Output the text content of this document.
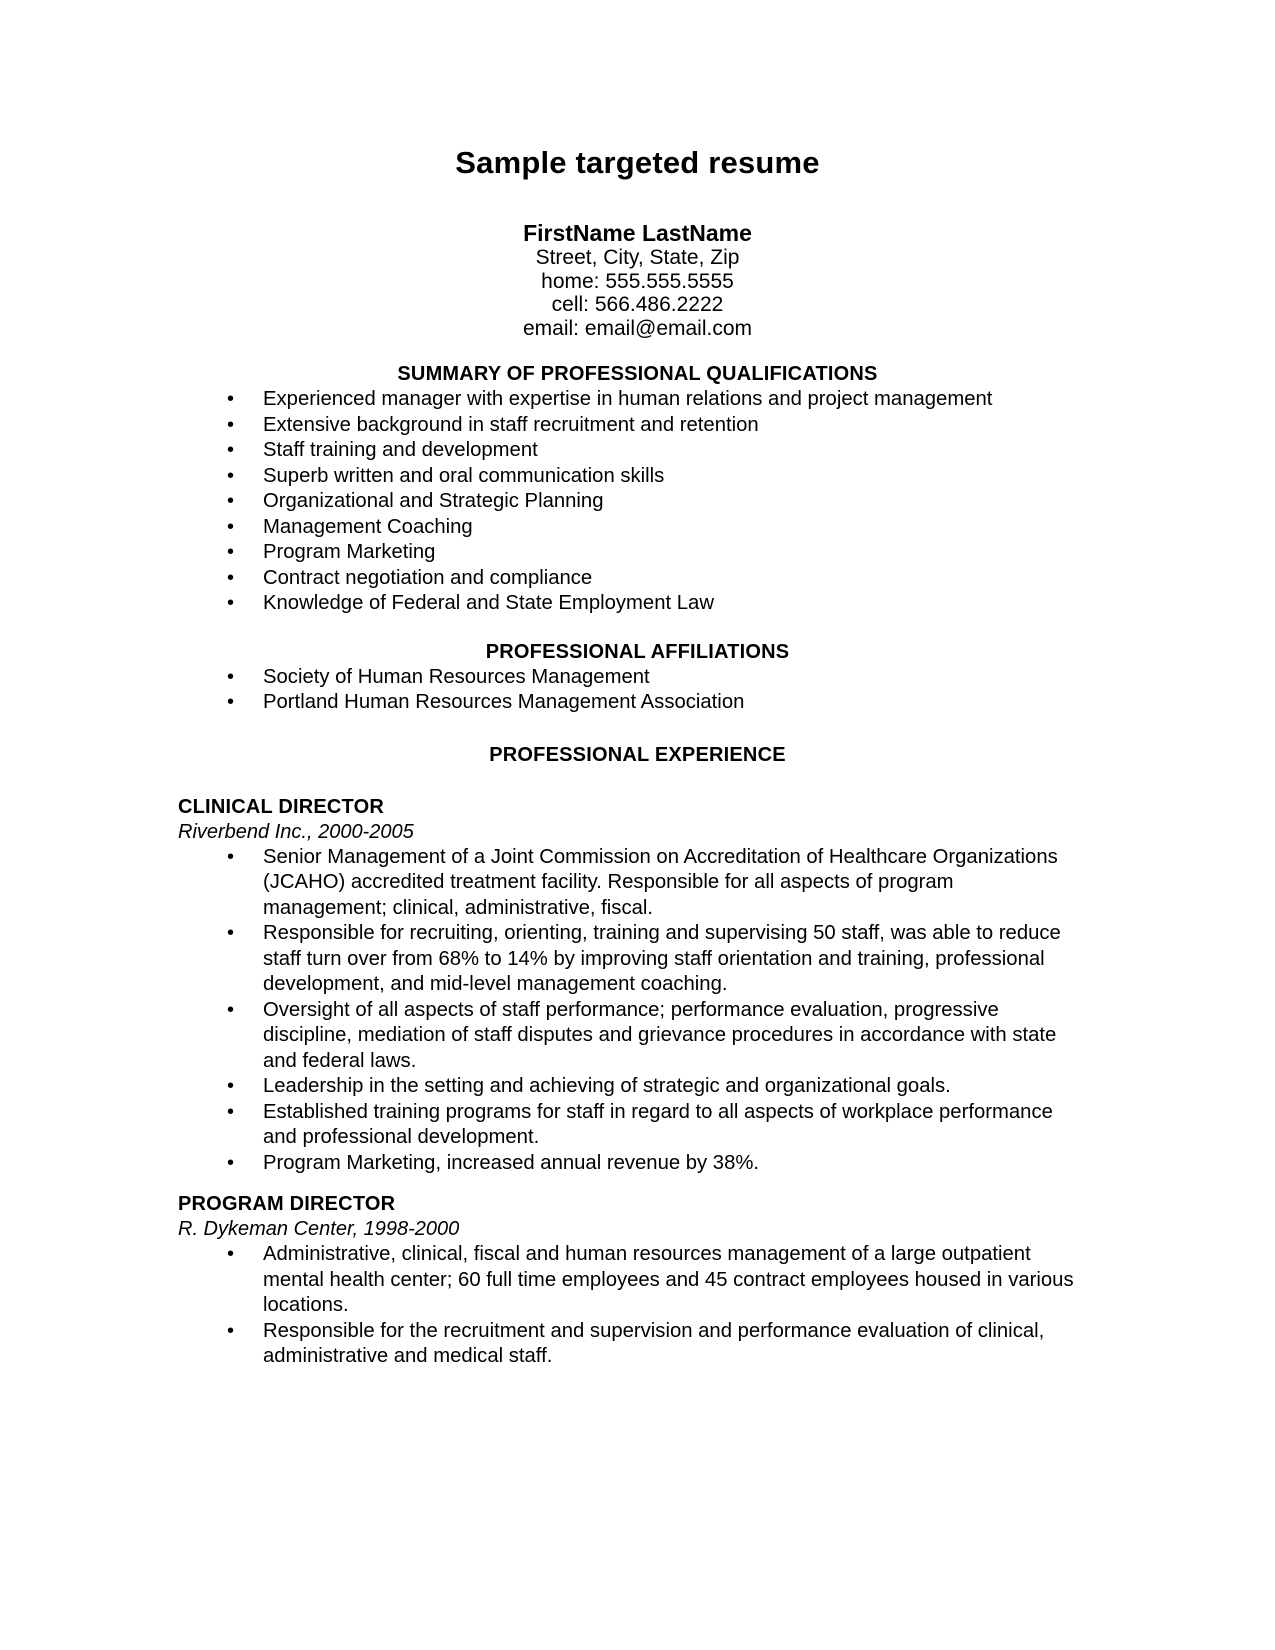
Sample targeted resume
FirstName LastName
Street, City, State, Zip
home: 555.555.5555
cell: 566.486.2222
email: email@email.com
SUMMARY OF PROFESSIONAL QUALIFICATIONS
• Experienced manager with expertise in human relations and project management
• Extensive background in staff recruitment and retention
• Staff training and development
• Superb written and oral communication skills
• Organizational and Strategic Planning
• Management Coaching
• Program Marketing
• Contract negotiation and compliance
• Knowledge of Federal and State Employment Law
PROFESSIONAL AFFILIATIONS
• Society of Human Resources Management
• Portland Human Resources Management Association
PROFESSIONAL EXPERIENCE
CLINICAL DIRECTOR
Riverbend Inc., 2000-2005
• Senior Management of a Joint Commission on Accreditation of Healthcare Organizations (JCAHO) accredited treatment facility. Responsible for all aspects of program management; clinical, administrative, fiscal.
• Responsible for recruiting, orienting, training and supervising 50 staff, was able to reduce staff turn over from 68% to 14% by improving staff orientation and training, professional development, and mid-level management coaching.
• Oversight of all aspects of staff performance; performance evaluation, progressive discipline, mediation of staff disputes and grievance procedures in accordance with state and federal laws.
• Leadership in the setting and achieving of strategic and organizational goals.
• Established training programs for staff in regard to all aspects of workplace performance and professional development.
• Program Marketing, increased annual revenue by 38%.
PROGRAM DIRECTOR
R. Dykeman Center, 1998-2000
• Administrative, clinical, fiscal and human resources management of a large outpatient mental health center; 60 full time employees and 45 contract employees housed in various locations.
• Responsible for the recruitment and supervision and performance evaluation of clinical, administrative and medical staff.
